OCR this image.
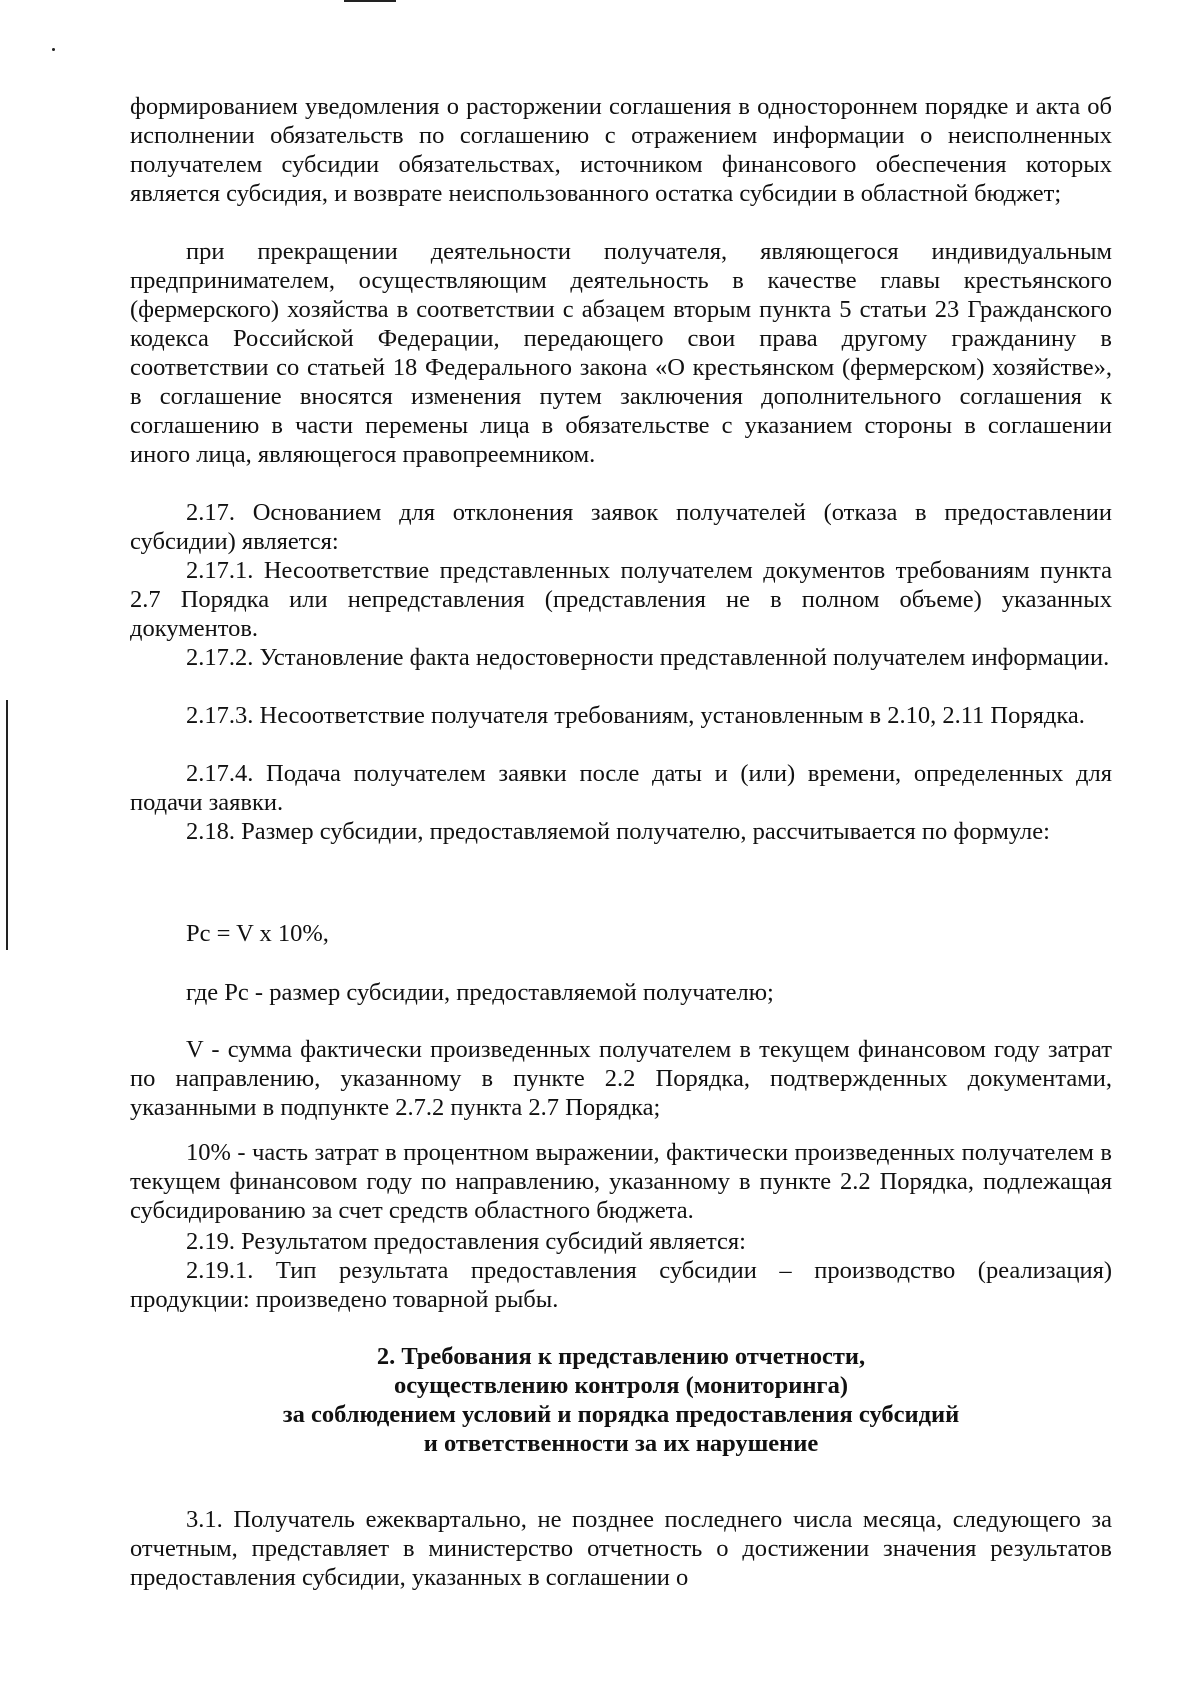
формированием уведомления о расторжении соглашения в одностороннем порядке и акта об исполнении обязательств по соглашению с отражением информации о неисполненных получателем субсидии обязательствах, источником финансового обеспечения которых является субсидия, и возврате неиспользованного остатка субсидии в областной бюджет;
при прекращении деятельности получателя, являющегося индивидуальным предпринимателем, осуществляющим деятельность в качестве главы крестьянского (фермерского) хозяйства в соответствии с абзацем вторым пункта 5 статьи 23 Гражданского кодекса Российской Федерации, передающего свои права другому гражданину в соответствии со статьей 18 Федерального закона «О крестьянском (фермерском) хозяйстве», в соглашение вносятся изменения путем заключения дополнительного соглашения к соглашению в части перемены лица в обязательстве с указанием стороны в соглашении иного лица, являющегося правопреемником.
2.17. Основанием для отклонения заявок получателей (отказа в предоставлении субсидии) является:
2.17.1. Несоответствие представленных получателем документов требованиям пункта 2.7 Порядка или непредставления (представления не в полном объеме) указанных документов.
2.17.2. Установление факта недостоверности представленной получателем информации.
2.17.3. Несоответствие получателя требованиям, установленным в 2.10, 2.11 Порядка.
2.17.4. Подача получателем заявки после даты и (или) времени, определенных для подачи заявки.
2.18. Размер субсидии, предоставляемой получателю, рассчитывается по формуле:
Pc = V x 10%,
где Pc - размер субсидии, предоставляемой получателю;
V - сумма фактически произведенных получателем в текущем финансовом году затрат по направлению, указанному в пункте 2.2 Порядка, подтвержденных документами, указанными в подпункте 2.7.2 пункта 2.7 Порядка;
10% - часть затрат в процентном выражении, фактически произведенных получателем в текущем финансовом году по направлению, указанному в пункте 2.2 Порядка, подлежащая субсидированию за счет средств областного бюджета.
2.19. Результатом предоставления субсидий является:
2.19.1. Тип результата предоставления субсидии – производство (реализация) продукции: произведено товарной рыбы.
2. Требования к представлению отчетности,
осуществлению контроля (мониторинга)
за соблюдением условий и порядка предоставления субсидий
и ответственности за их нарушение
3.1. Получатель ежеквартально, не позднее последнего числа месяца, следующего за отчетным, представляет в министерство отчетность о достижении значения результатов предоставления субсидии, указанных в соглашении о
